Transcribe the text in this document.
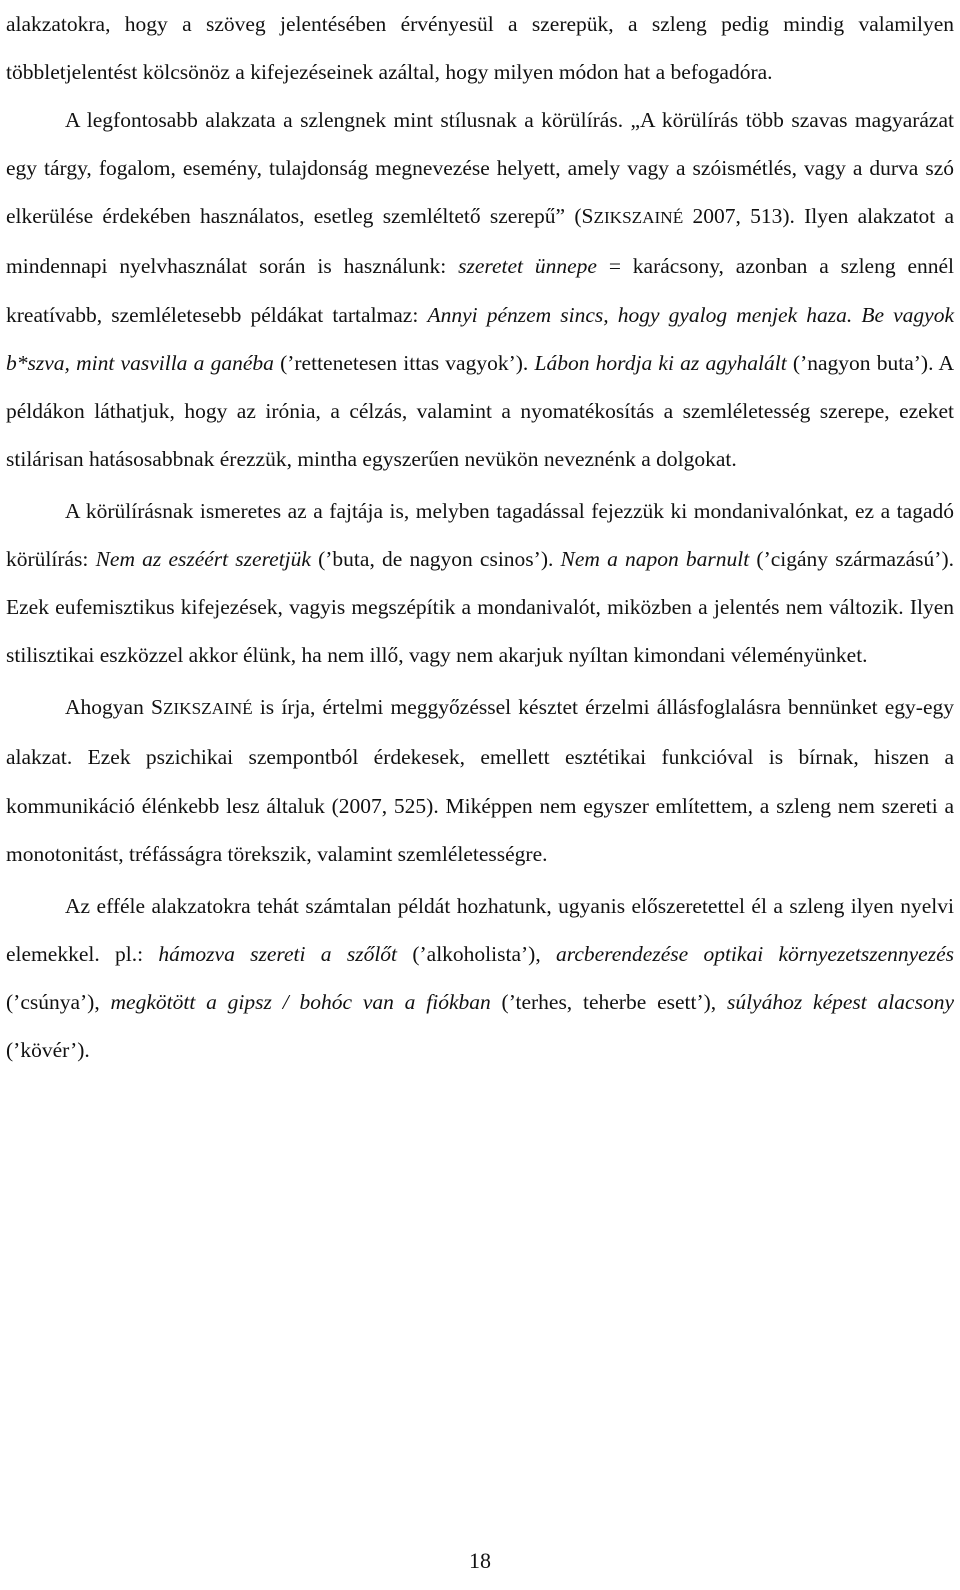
alakzatokra, hogy a szöveg jelentésében érvényesül a szerepük, a szleng pedig mindig valamilyen többletjelentést kölcsönöz a kifejezéseinek azáltal, hogy milyen módon hat a befogadóra.
A legfontosabb alakzata a szlengnek mint stílusnak a körülírás. „A körülírás több szavas magyarázat egy tárgy, fogalom, esemény, tulajdonság megnevezése helyett, amely vagy a szóismétlés, vagy a durva szó elkerülése érdekében használatos, esetleg szemléltető szerepű” (SZIKSZAINÉ 2007, 513). Ilyen alakzatot a mindennapi nyelvhasználat során is használunk: szeretet ünnepe = karácsony, azonban a szleng ennél kreatívabb, szemléletesebb példákat tartalmaz: Annyi pénzem sincs, hogy gyalog menjek haza. Be vagyok b*szva, mint vasvilla a ganéba (’rettenetesen ittas vagyok’). Lábon hordja ki az agyhalált (’nagyon buta’). A példákon láthatjuk, hogy az irónia, a célzás, valamint a nyomatékosítás a szemléletesség szerepe, ezeket stilárisan hatásosabbnak érezzük, mintha egyszerűen nevükön neveznénk a dolgokat.
A körülírásnak ismeretes az a fajtája is, melyben tagadással fejezzük ki mondanivalónkat, ez a tagadó körülírás: Nem az eszéért szeretjük (’buta, de nagyon csinos’). Nem a napon barnult (’cigány származású’). Ezek eufemisztikus kifejezések, vagyis megszépítik a mondanivalót, miközben a jelentés nem változik. Ilyen stilisztikai eszközzel akkor élünk, ha nem illő, vagy nem akarjuk nyíltan kimondani véleményünket.
Ahogyan SZIKSZAINÉ is írja, értelmi meggyőzéssel késztet érzelmi állásfoglalásra bennünket egy-egy alakzat. Ezek pszichikai szempontból érdekesek, emellett esztétikai funkcióval is bírnak, hiszen a kommunikáció élénkebb lesz általuk (2007, 525). Miképpen nem egyszer említettem, a szleng nem szereti a monotonitást, tréfásságra törekszik, valamint szemléletességre.
Az efféle alakzatokra tehát számtalan példát hozhatunk, ugyanis előszeretettel él a szleng ilyen nyelvi elemekkel. pl.: hámozva szereti a szőlőt (’alkoholista’), arcberendezése optikai környezetszennyezés (’csúnya’), megkötött a gipsz / bohóc van a fiókban (’terhes, teherbe esett’), súlyához képest alacsony (’kövér’).
18
